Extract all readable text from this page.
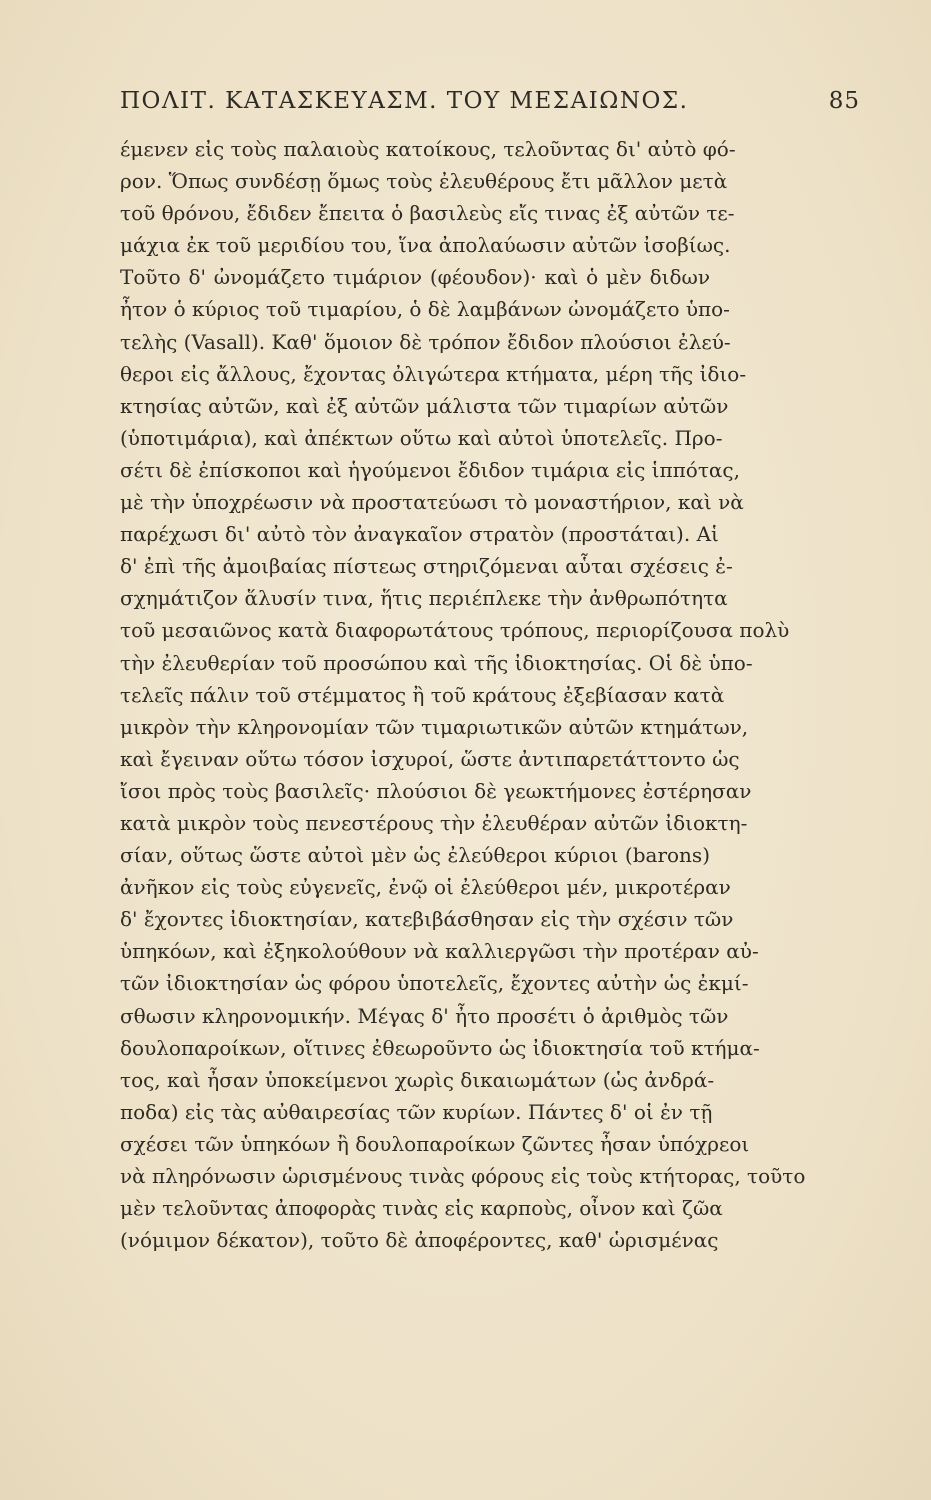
ΠΟΛΙΤ. ΚΑΤΑΣΚΕΥΑΣΜ. ΤΟΥ ΜΕΣΑΙΩΝΟΣ.	85
έμενεν εἰς τοὺς παλαιοὺς κατοίκους, τελοῦντας δι' αὐτὸ φό-
ρον. Ὅπως συνδέσῃ ὅμως τοὺς ἐλευθέρους ἔτι μᾶλλον μετὰ
τοῦ θρόνου, ἔδιδεν ἔπειτα ὁ βασιλεὺς εἴς τινας ἐξ αὐτῶν τε-
μάχια ἐκ τοῦ μεριδίου του, ἵνα ἀπολαύωσιν αὐτῶν ἰσοβίως.
Τοῦτο δ' ὠνομάζετο τιμάριον (φέουδον)· καὶ ὁ μὲν διδων
ἦτον ὁ κύριος τοῦ τιμαρίου, ὁ δὲ λαμβάνων ὠνομάζετο ὑπο-
τελὴς (Vasall). Καθ' ὅμοιον δὲ τρόπον ἔδιδον πλούσιοι ἐλεύ-
θεροι εἰς ἄλλους, ἔχοντας ὀλιγώτερα κτήματα, μέρη τῆς ἰδιο-
κτησίας αὐτῶν, καὶ ἐξ αὐτῶν μάλιστα τῶν τιμαρίων αὐτῶν
(ὑποτιμάρια), καὶ ἀπέκτων οὕτω καὶ αὐτοὶ ὑποτελεῖς. Προ-
σέτι δὲ ἐπίσκοποι καὶ ἡγούμενοι ἔδιδον τιμάρια εἰς ἱππότας,
μὲ τὴν ὑποχρέωσιν νὰ προστατεύωσι τὸ μοναστήριον, καὶ νὰ
παρέχωσι δι' αὐτὸ τὸν ἀναγκαῖον στρατὸν (προστάται). Αἱ
δ' ἐπὶ τῆς ἀμοιβαίας πίστεως στηριζόμεναι αὗται σχέσεις ἐ-
σχημάτιζον ἅλυσίν τινα, ἥτις περιέπλεκε τὴν ἀνθρωπότητα
τοῦ μεσαιῶνος κατὰ διαφορωτάτους τρόπους, περιορίζουσα πολὺ
τὴν ἐλευθερίαν τοῦ προσώπου καὶ τῆς ἰδιοκτησίας. Οἱ δὲ ὑπο-
τελεῖς πάλιν τοῦ στέμματος ἢ τοῦ κράτους ἐξεβίασαν κατὰ
μικρὸν τὴν κληρονομίαν τῶν τιμαριωτικῶν αὐτῶν κτημάτων,
καὶ ἔγειναν οὕτω τόσον ἰσχυροί, ὥστε ἀντιπαρετάττοντο ὡς
ἴσοι πρὸς τοὺς βασιλεῖς· πλούσιοι δὲ γεωκτήμονες ἐστέρησαν
κατὰ μικρὸν τοὺς πενεστέρους τὴν ἐλευθέραν αὐτῶν ἰδιοκτη-
σίαν, οὕτως ὥστε αὐτοὶ μὲν ὡς ἐλεύθεροι κύριοι (barons)
ἀνῆκον εἰς τοὺς εὐγενεῖς, ἐνῷ οἱ ἐλεύθεροι μέν, μικροτέραν
δ' ἔχοντες ἰδιοκτησίαν, κατεβιβάσθησαν εἰς τὴν σχέσιν τῶν
ὑπηκόων, καὶ ἐξηκολούθουν νὰ καλλιεργῶσι τὴν προτέραν αὐ-
τῶν ἰδιοκτησίαν ὡς φόρου ὑποτελεῖς, ἔχοντες αὐτὴν ὡς ἐκμί-
σθωσιν κληρονομικήν. Μέγας δ' ἦτο προσέτι ὁ ἀριθμὸς τῶν
δουλοπαροίκων, οἵτινες ἐθεωροῦντο ὡς ἰδιοκτησία τοῦ κτήμα-
τος, καὶ ἦσαν ὑποκείμενοι χωρὶς δικαιωμάτων (ὡς ἀνδρά-
ποδα) εἰς τὰς αὐθαιρεσίας τῶν κυρίων. Πάντες δ' οἱ ἐν τῇ
σχέσει τῶν ὑπηκόων ἢ δουλοπαροίκων ζῶντες ἦσαν ὑπόχρεοι
νὰ πληρόνωσιν ὡρισμένους τινὰς φόρους εἰς τοὺς κτήτορας, τοῦτο
μὲν τελοῦντας ἀποφορὰς τινὰς εἰς καρποὺς, οἶνον καὶ ζῶα
(νόμιμον δέκατον), τοῦτο δὲ ἀποφέροντες, καθ' ὡρισμένας
